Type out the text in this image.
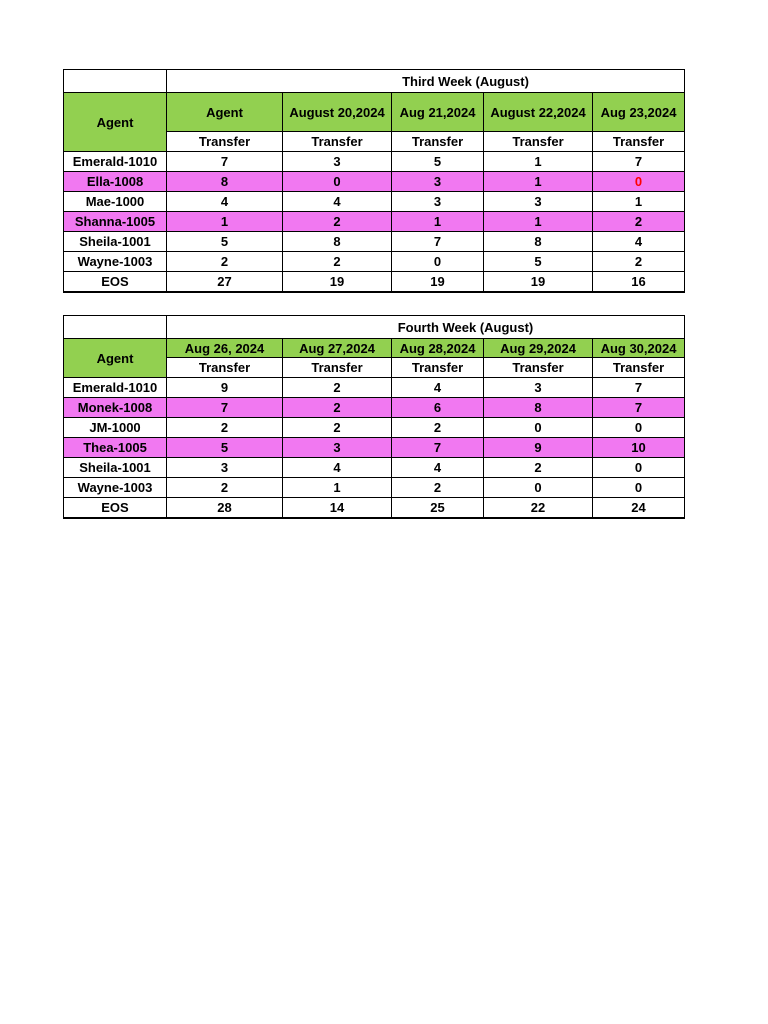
	Third Week (August)				
Agent	Agent	August 20,2024	Aug 21,2024	August 22,2024	Aug 23,2024
	Transfer	Transfer	Transfer	Transfer	Transfer
Emerald-1010	7	3	5	1	7
Ella-1008	8	0	3	1	0
Mae-1000	4	4	3	3	1
Shanna-1005	1	2	1	1	2
Sheila-1001	5	8	7	8	4
Wayne-1003	2	2	0	5	2
EOS	27	19	19	19	16
	Fourth Week (August)				
Agent	Aug 26, 2024	Aug 27,2024	Aug 28,2024	Aug 29,2024	Aug 30,2024
	Transfer	Transfer	Transfer	Transfer	Transfer
Emerald-1010	9	2	4	3	7
Monek-1008	7	2	6	8	7
JM-1000	2	2	2	0	0
Thea-1005	5	3	7	9	10
Sheila-1001	3	4	4	2	0
Wayne-1003	2	1	2	0	0
EOS	28	14	25	22	24
